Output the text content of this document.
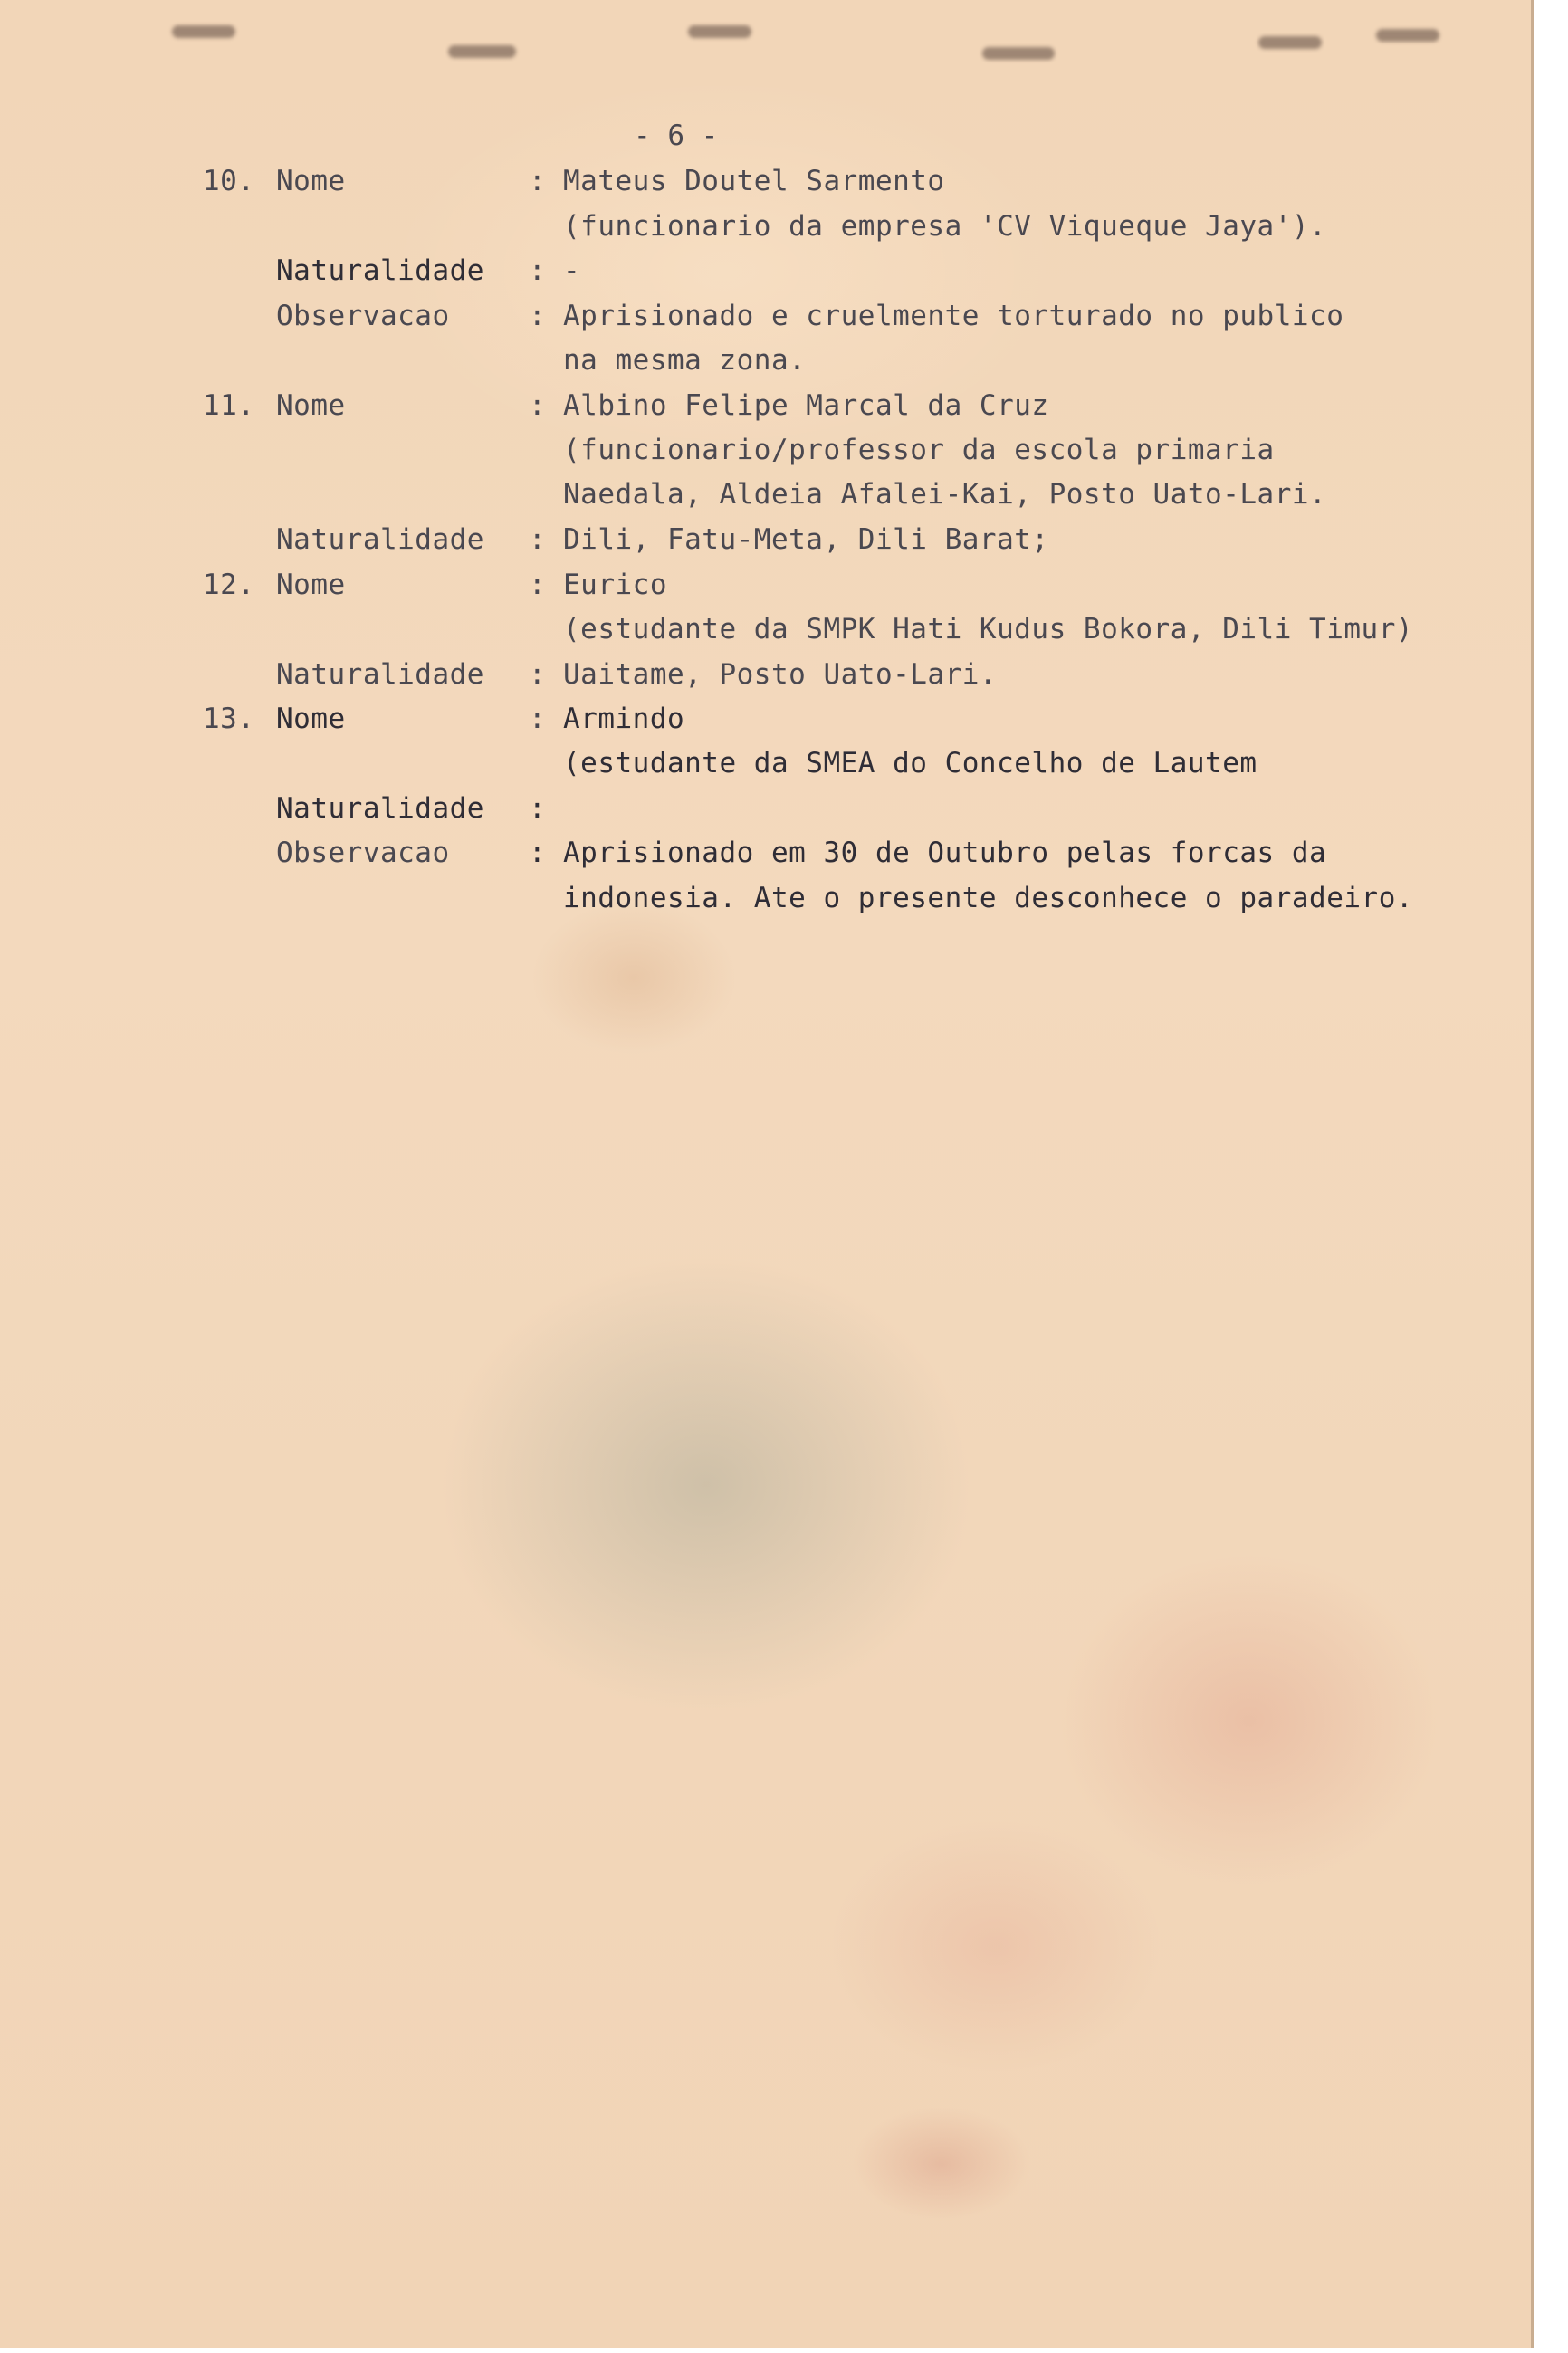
- 6 -
10. Nome	: Mateus Doutel Sarmento
(funcionario da empresa 'CV Viqueque Jaya').
Naturalidade : -
Observacao	: Aprisionado e cruelmente torturado no publico
na mesma zona.
11. Nome	: Albino Felipe Marcal da Cruz
(funcionario/professor da escola primaria
Naedala, Aldeia Afalei-Kai, Posto Uato-Lari.
Naturalidade : Dili, Fatu-Meta, Dili Barat;
12. Nome	: Eurico
(estudante da SMPK Hati Kudus Bokora, Dili Timur)
Naturalidade : Uaitame, Posto Uato-Lari.
13. Nome	: Armindo
(estudante da SMEA do Concelho de Lautem
Naturalidade :
Observacao	: Aprisionado em 30 de Outubro pelas forcas da
indonesia. Ate o presente desconhece o paradeiro.
